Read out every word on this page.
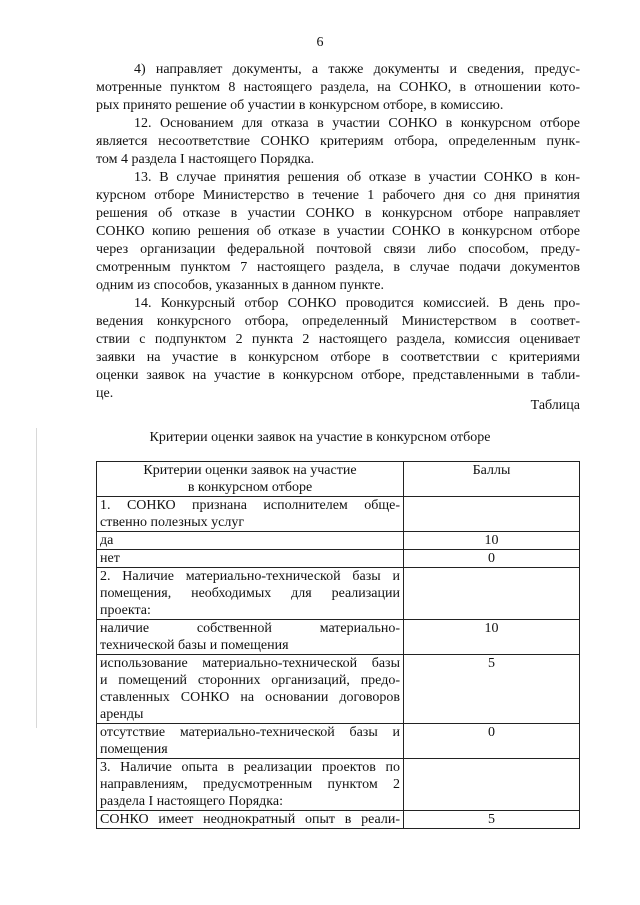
6

4) направляет документы, а также документы и сведения, предус-
мотренные пунктом 8 настоящего раздела, на СОНКО, в отношении кото-
рых принято решение об участии в конкурсном отборе, в комиссию.

12. Основанием для отказа в участии СОНКО в конкурсном отборе
является несоответствие СОНКО критериям отбора, определенным пунк-
том 4 раздела I настоящего Порядка.

13. В случае принятия решения об отказе в участии СОНКО в кон-
курсном отборе Министерство в течение 1 рабочего дня со дня принятия
решения об отказе в участии СОНКО в конкурсном отборе направляет
СОНКО копию решения об отказе в участии СОНКО в конкурсном отборе
через организации федеральной почтовой связи либо способом, преду-
смотренным пунктом 7 настоящего раздела, в случае подачи документов
одним из способов, указанных в данном пункте.

14. Конкурсный отбор СОНКО проводится комиссией. В день про-
ведения конкурсного отбора, определенный Министерством в соответ-
ствии с подпунктом 2 пункта 2 настоящего раздела, комиссия оценивает
заявки на участие в конкурсном отборе в соответствии с критериями
оценки заявок на участие в конкурсном отборе, представленными в табли-
це.

Таблица
Критерии оценки заявок на участие в конкурсном отборе
Критерии оценки заявок на участие
в конкурсном отборе	Баллы

1. СОНКО признана исполнителем обще-
ственно полезных услуг	

да	10

нет	0

2. Наличие материально-технической базы и
помещения, необходимых для реализации
проекта:	

наличие собственной материально-
технической базы и помещения	10

использование материально-технической базы
и помещений сторонних организаций, предо-
ставленных СОНКО на основании договоров
аренды	5

отсутствие материально-технической базы и
помещения	0

3. Наличие опыта в реализации проектов по
направлениям, предусмотренным пунктом 2
раздела I настоящего Порядка:	

СОНКО имеет неоднократный опыт в реали-	5
